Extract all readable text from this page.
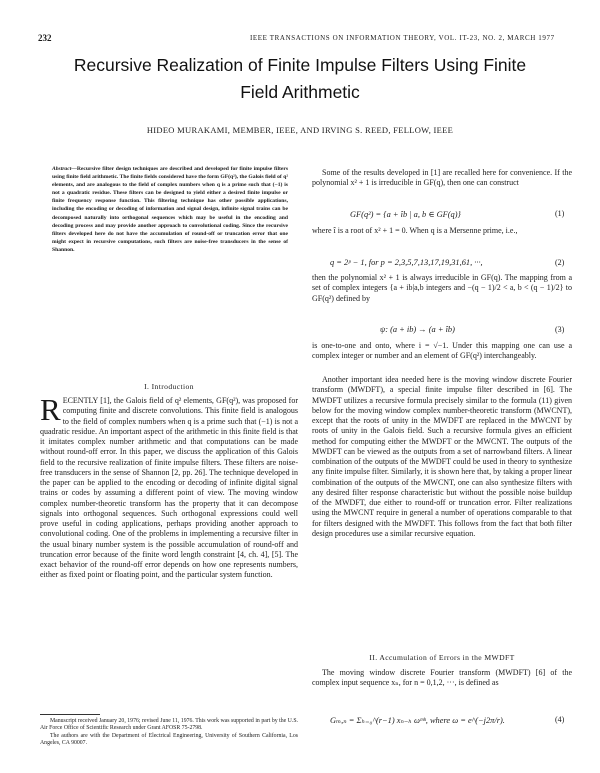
232	IEEE TRANSACTIONS ON INFORMATION THEORY, VOL. IT-23, NO. 2, MARCH 1977
Recursive Realization of Finite Impulse Filters Using Finite Field Arithmetic
HIDEO MURAKAMI, MEMBER, IEEE, AND IRVING S. REED, FELLOW, IEEE
Abstract—Recursive filter design techniques are described and developed for finite impulse filters using finite field arithmetic. The finite fields considered have the form GF(q²), the Galois field of q² elements, and are analogous to the field of complex numbers when q is a prime such that (−1) is not a quadratic residue. These filters can be designed to yield either a desired finite impulse or finite frequency response function. This filtering technique has other possible applications, including the encoding or decoding of information and signal design, infinite signal trains can be decomposed naturally into orthogonal sequences which may be useful in the encoding and decoding process and may provide another approach to convolutional coding. Since the recursive filters developed here do not have the accumulation of round-off or truncation error that one might expect in recursive computations, such filters are noise-free transducers in the sense of Shannon.
I. Introduction
RECENTLY [1], the Galois field of q² elements, GF(q²), was proposed for computing finite and discrete convolutions. This finite field is analogous to the field of complex numbers when q is a prime such that (−1) is not a quadratic residue. An important aspect of the arithmetic in this finite field is that it imitates complex number arithmetic and that computations can be made without round-off error. In this paper, we discuss the application of this Galois field to the recursive realization of finite impulse filters. These filters are noise-free transducers in the sense of Shannon [2, pp. 26]. The technique developed in the paper can be applied to the encoding or decoding of infinite digital signal trains or codes by assuming a different point of view. The moving window complex number-theoretic transform has the property that it can decompose signals into orthogonal sequences. Such orthogonal expressions could well prove useful in coding applications, perhaps providing another approach to convolutional coding. One of the problems in implementing a recursive filter in the usual binary number system is the possible accumulation of round-off and truncation error because of the finite word length constraint [4, ch. 4], [5]. The exact behavior of the round-off error depends on how one represents numbers, either as fixed point or floating point, and the particular system function.

Manuscript received January 20, 1976; revised June 11, 1976. This work was supported in part by the U.S. Air Force Office of Scientific Research under Grant AFOSR 75-2798.

The authors are with the Department of Electrical Engineering, University of Southern California, Los Angeles, CA 90007.

Some of the results developed in [1] are recalled here for convenience. If the polynomial x² + 1 is irreducible in GF(q), then one can construct

GF(q²) = {a + îb | a, b ∈ GF(q)}	(1)

where î is a root of x² + 1 = 0. When q is a Mersenne prime, i.e.,

q = 2ᵖ − 1, for p = 2,3,5,7,13,17,19,31,61, ···,	(2)

then the polynomial x² + 1 is always irreducible in GF(q). The mapping from a set of complex integers {a + ib|a,b integers and −(q − 1)/2 < a, b < (q − 1)/2} to GF(q²) defined by

ψ: (a + ib) → (a + îb)	(3)

is one-to-one and onto, where i = √−1. Under this mapping one can use a complex integer or number and an element of GF(q²) interchangeably.

Another important idea needed here is the moving window discrete Fourier transform (MWDFT), a special finite impulse filter described in [6]. The MWDFT utilizes a recursive formula precisely similar to the formula (11) given below for the moving window complex number-theoretic transform (MWCNT), except that the roots of unity in the MWDFT are replaced in the MWCNT by roots of unity in the Galois field. Such a recursive formula gives an efficient method for computing either the MWDFT or the MWCNT. The outputs of the MWDFT can be viewed as the outputs from a set of narrowband filters. A linear combination of the outputs of the MWDFT could be used in theory to synthesize any finite impulse filter. Similarly, it is shown here that, by taking a proper linear combination of the outputs of the MWCNT, one can also synthesize filters with any desired filter response characteristic but without the possible noise buildup of the MWDFT, due either to round-off or truncation error. Filter realizations using the MWCNT require in general a number of operations comparable to that for filters designed with the MWDFT. This follows from the fact that both filter design procedures use a similar recursive equation.

II. Accumulation of Errors in the MWDFT

The moving window discrete Fourier transform (MWDFT) [6] of the complex input sequence xₙ, for n = 0,1,2, ···, is defined as

Gₘ,ₙ = Σₕ₌₀^(r−1) xₙ₋ₕ ωᵐʰ, where ω = e^(−j2π/r).	(4)
